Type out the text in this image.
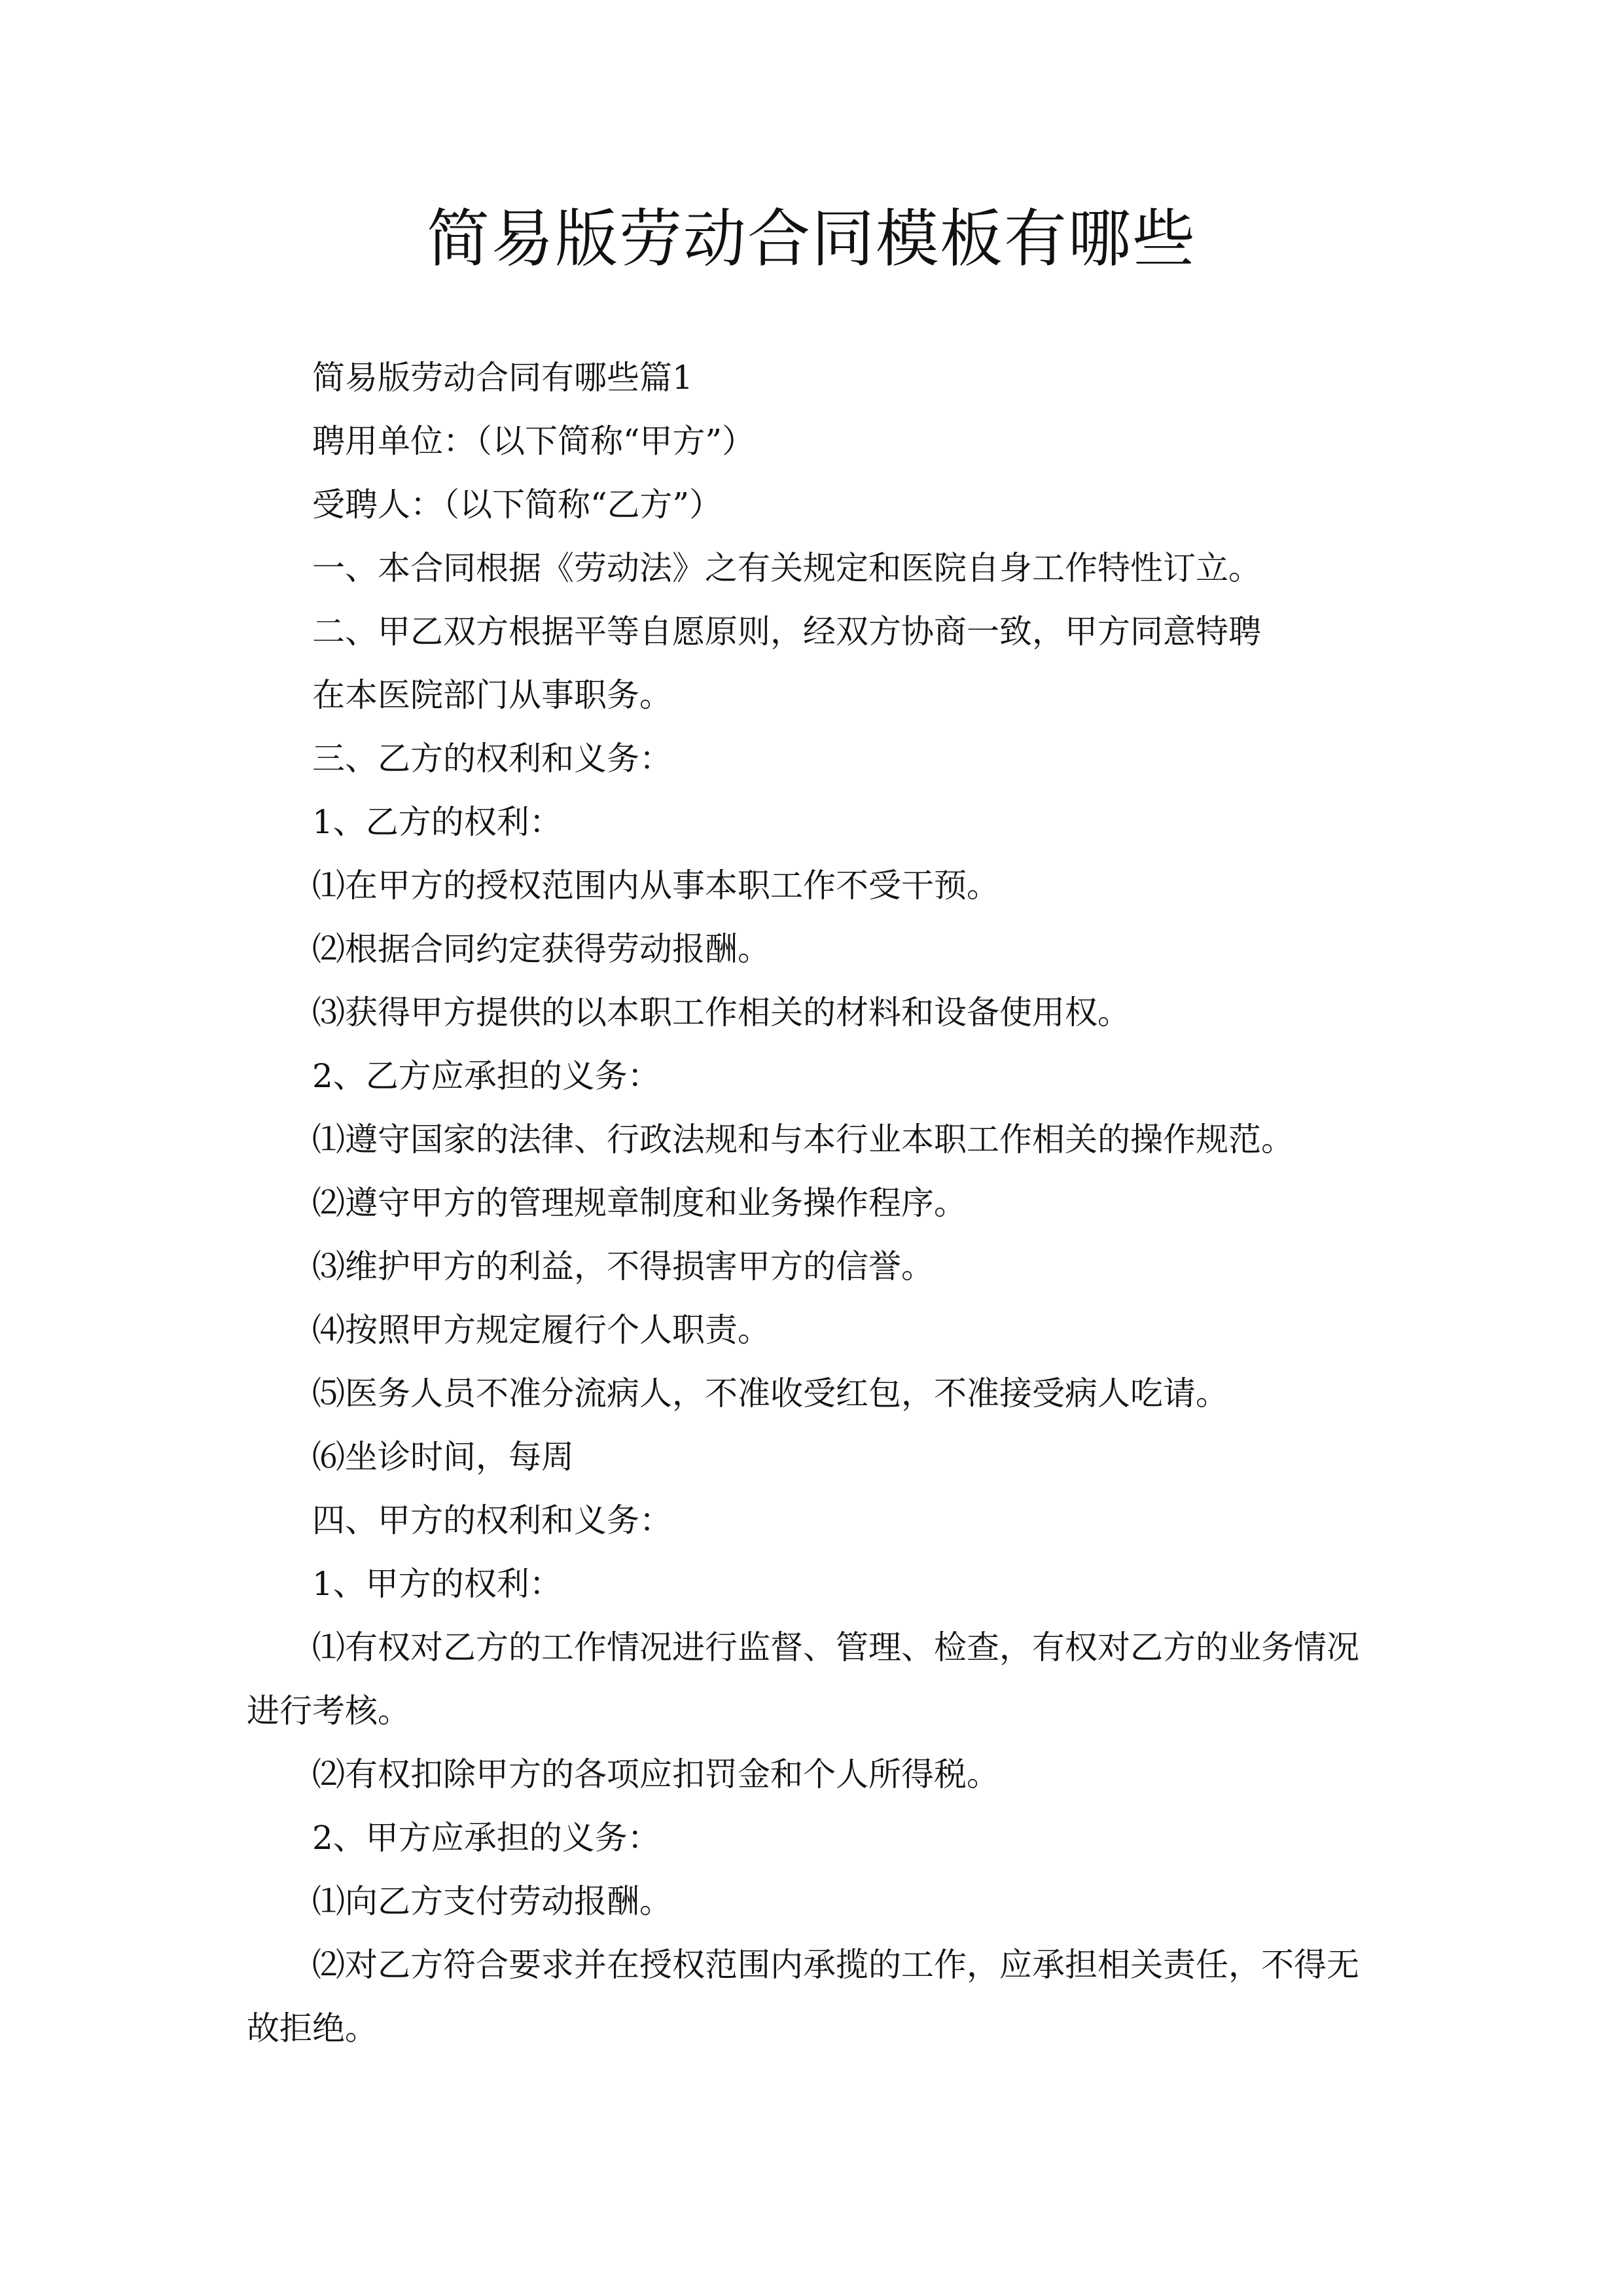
简易版劳动合同模板有哪些

简易版劳动合同有哪些篇1

聘用单位：（以下简称“甲方”）

受聘人：（以下简称“乙方”）

一、本合同根据《劳动法》之有关规定和医院自身工作特性订立。

二、甲乙双方根据平等自愿原则，经双方协商一致，甲方同意特聘

在本医院部门从事职务。

三、乙方的权利和义务：

1、乙方的权利：

⑴在甲方的授权范围内从事本职工作不受干预。

⑵根据合同约定获得劳动报酬。

⑶获得甲方提供的以本职工作相关的材料和设备使用权。

2、乙方应承担的义务：

⑴遵守国家的法律、行政法规和与本行业本职工作相关的操作规范。

⑵遵守甲方的管理规章制度和业务操作程序。

⑶维护甲方的利益，不得损害甲方的信誉。

⑷按照甲方规定履行个人职责。

⑸医务人员不准分流病人，不准收受红包，不准接受病人吃请。

⑹坐诊时间，每周

四、甲方的权利和义务：

1、甲方的权利：

⑴有权对乙方的工作情况进行监督、管理、检查，有权对乙方的业务情况进行考核。

⑵有权扣除甲方的各项应扣罚金和个人所得税。

2、甲方应承担的义务：

⑴向乙方支付劳动报酬。

⑵对乙方符合要求并在授权范围内承揽的工作，应承担相关责任，不得无故拒绝。
